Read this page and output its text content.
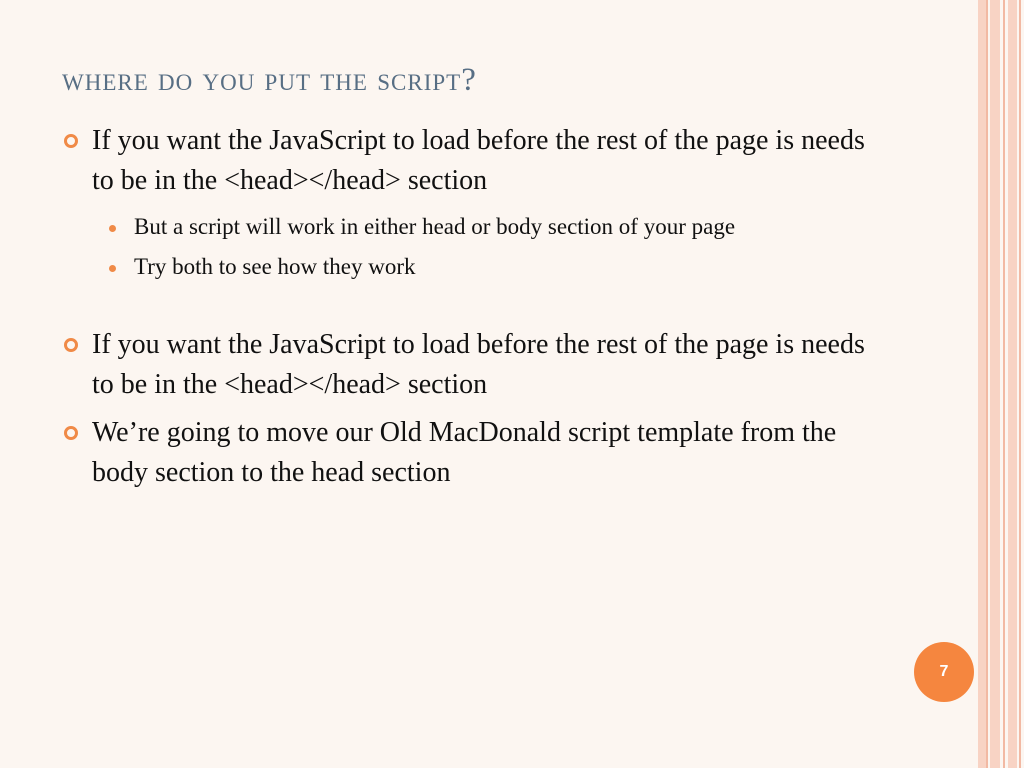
where do you put the script?
If you want the JavaScript to load before the rest of the page is needs to be in the <head></head> section
But a script will work in either head or body section of your page
Try both to see how they work
If you want the JavaScript to load before the rest of the page is needs to be in the <head></head> section
We’re going to move our Old MacDonald script template from the body section to the head section
7
